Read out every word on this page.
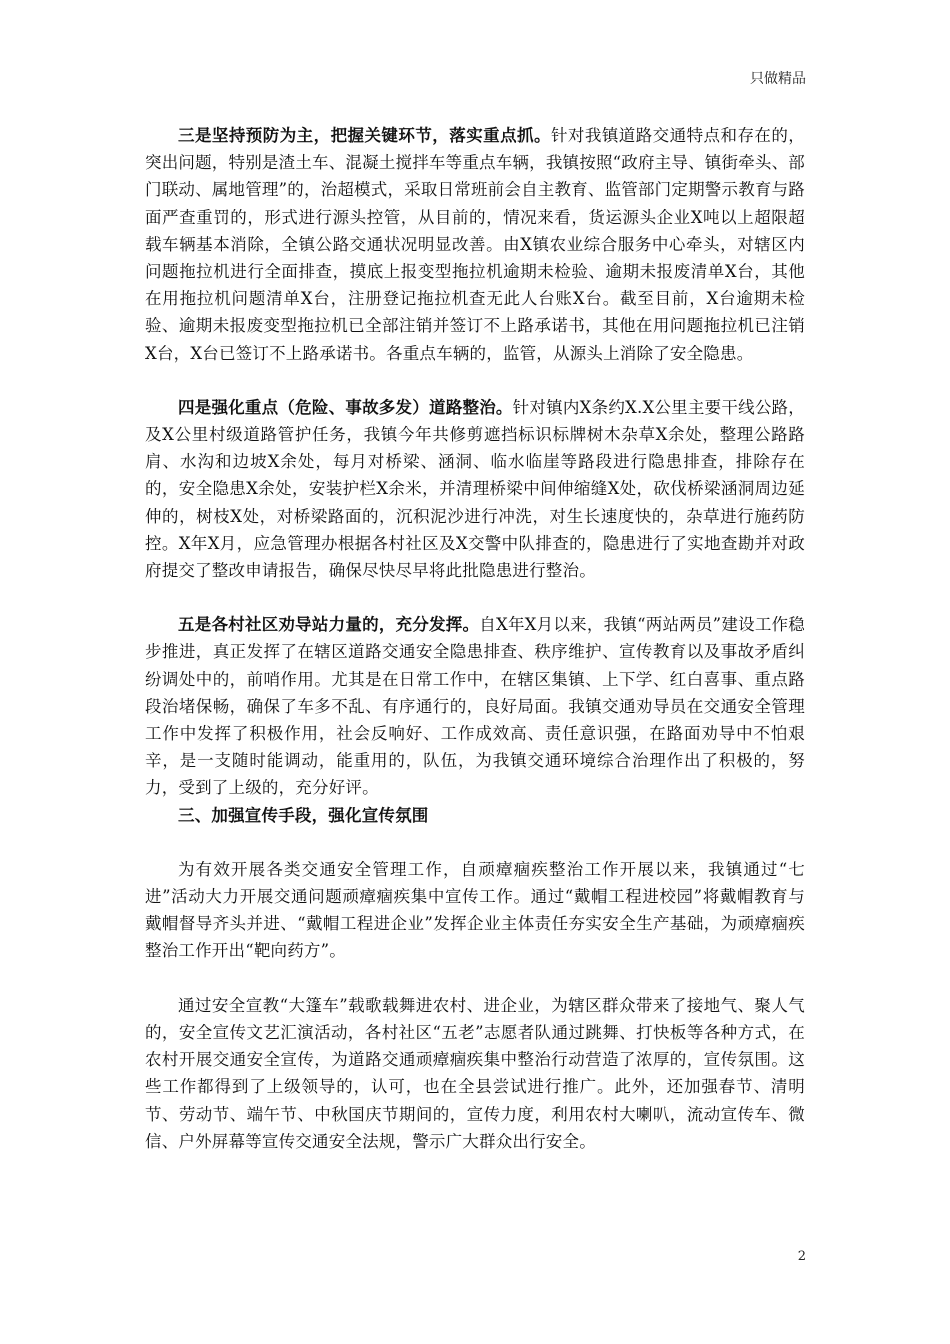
只做精品

三是坚持预防为主，把握关键环节，落实重点抓。针对我镇道路交通特点和存在的，突出问题，特别是渣土车、混凝土搅拌车等重点车辆，我镇按照“政府主导、镇街牵头、部门联动、属地管理”的，治超模式，采取日常班前会自主教育、监管部门定期警示教育与路面严查重罚的，形式进行源头控管，从目前的，情况来看，货运源头企业X吨以上超限超载车辆基本消除，全镇公路交通状况明显改善。由X镇农业综合服务中心牵头，对辖区内问题拖拉机进行全面排查，摸底上报变型拖拉机逾期未检验、逾期未报废清单X台，其他在用拖拉机问题清单X台，注册登记拖拉机查无此人台账X台。截至目前，X台逾期未检验、逾期未报废变型拖拉机已全部注销并签订不上路承诺书，其他在用问题拖拉机已注销X台，X台已签订不上路承诺书。各重点车辆的，监管，从源头上消除了安全隐患。

四是强化重点（危险、事故多发）道路整治。针对镇内X条约X.X公里主要干线公路，及X公里村级道路管护任务，我镇今年共修剪遮挡标识标牌树木杂草X余处，整理公路路肩、水沟和边坡X余处，每月对桥梁、涵洞、临水临崖等路段进行隐患排查，排除存在的，安全隐患X余处，安装护栏X余米，并清理桥梁中间伸缩缝X处，砍伐桥梁涵洞周边延伸的，树枝X处，对桥梁路面的，沉积泥沙进行冲洗，对生长速度快的，杂草进行施药防控。X年X月，应急管理办根据各村社区及X交警中队排查的，隐患进行了实地查勘并对政府提交了整改申请报告，确保尽快尽早将此批隐患进行整治。

五是各村社区劝导站力量的，充分发挥。自X年X月以来，我镇“两站两员”建设工作稳步推进，真正发挥了在辖区道路交通安全隐患排查、秩序维护、宣传教育以及事故矛盾纠纷调处中的，前哨作用。尤其是在日常工作中，在辖区集镇、上下学、红白喜事、重点路段治堵保畅，确保了车多不乱、有序通行的，良好局面。我镇交通劝导员在交通安全管理工作中发挥了积极作用，社会反响好、工作成效高、责任意识强，在路面劝导中不怕艰辛，是一支随时能调动，能重用的，队伍，为我镇交通环境综合治理作出了积极的，努力，受到了上级的，充分好评。

三、加强宣传手段，强化宣传氛围

为有效开展各类交通安全管理工作，自顽瘴痼疾整治工作开展以来，我镇通过“七进”活动大力开展交通问题顽瘴痼疾集中宣传工作。通过“戴帽工程进校园”将戴帽教育与戴帽督导齐头并进、“戴帽工程进企业”发挥企业主体责任夯实安全生产基础，为顽瘴痼疾整治工作开出“靶向药方”。

通过安全宣教“大篷车”载歌载舞进农村、进企业，为辖区群众带来了接地气、聚人气的，安全宣传文艺汇演活动，各村社区“五老”志愿者队通过跳舞、打快板等各种方式，在农村开展交通安全宣传，为道路交通顽瘴痼疾集中整治行动营造了浓厚的，宣传氛围。这些工作都得到了上级领导的，认可，也在全县尝试进行推广。此外，还加强春节、清明节、劳动节、端午节、中秋国庆节期间的，宣传力度，利用农村大喇叭，流动宣传车、微信、户外屏幕等宣传交通安全法规，警示广大群众出行安全。

2
